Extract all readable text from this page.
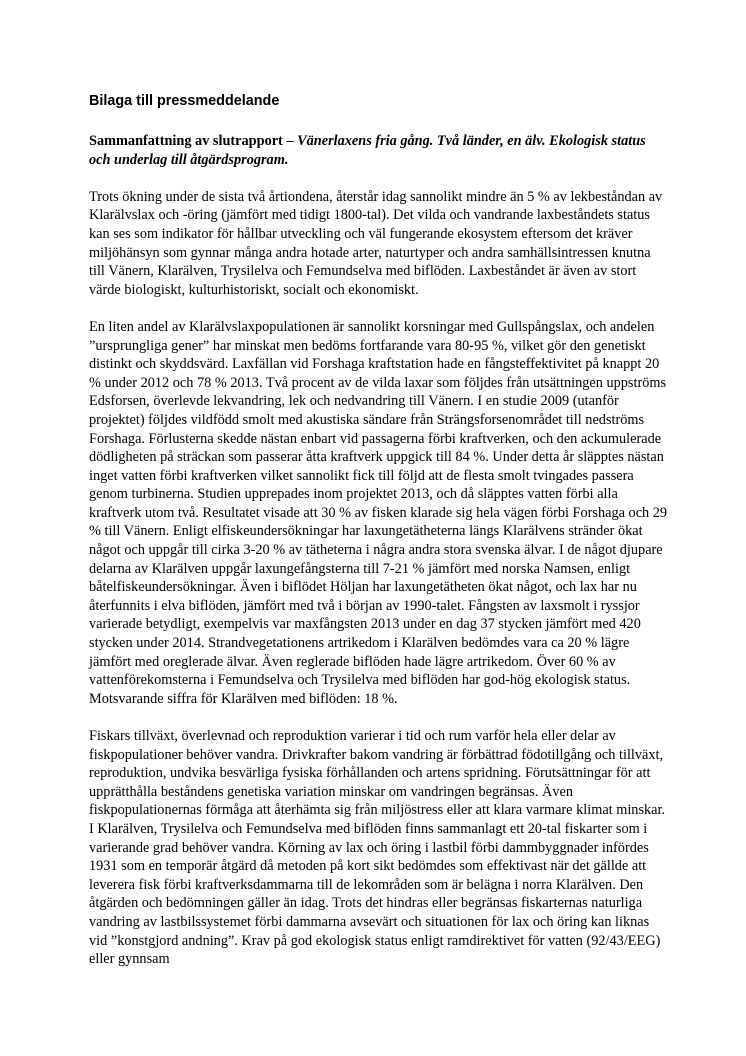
Bilaga till pressmeddelande
Sammanfattning av slutrapport – Vänerlaxens fria gång. Två länder, en älv. Ekologisk status och underlag till åtgärdsprogram.

Trots ökning under de sista två årtiondena, återstår idag sannolikt mindre än 5 % av lekbeståndan av Klarälvslax och -öring (jämfört med tidigt 1800-tal). Det vilda och vandrande laxbeståndets status kan ses som indikator för hållbar utveckling och väl fungerande ekosystem eftersom det kräver miljöhänsyn som gynnar många andra hotade arter, naturtyper och andra samhällsintressen knutna till Vänern, Klarälven, Trysilelva och Femundselva med biflöden. Laxbeståndet är även av stort värde biologiskt, kulturhistoriskt, socialt och ekonomiskt.

En liten andel av Klarälvslaxpopulationen är sannolikt korsningar med Gullspångslax, och andelen ”ursprungliga gener” har minskat men bedöms fortfarande vara 80-95 %, vilket gör den genetiskt distinkt och skyddsvärd. Laxfällan vid Forshaga kraftstation hade en fångsteffektivitet på knappt 20 % under 2012 och 78 % 2013. Två procent av de vilda laxar som följdes från utsättningen uppströms Edsforsen, överlevde lekvandring, lek och nedvandring till Vänern. I en studie 2009 (utanför projektet) följdes vildfödd smolt med akustiska sändare från Strängsforsenområdet till nedströms Forshaga. Förlusterna skedde nästan enbart vid passagerna förbi kraftverken, och den ackumulerade dödligheten på sträckan som passerar åtta kraftverk uppgick till 84 %. Under detta år släpptes nästan inget vatten förbi kraftverken vilket sannolikt fick till följd att de flesta smolt tvingades passera genom turbinerna. Studien upprepades inom projektet 2013, och då släpptes vatten förbi alla kraftverk utom två. Resultatet visade att 30 % av fisken klarade sig hela vägen förbi Forshaga och 29 % till Vänern. Enligt elfiskeundersökningar har laxungetätheterna längs Klarälvens stränder ökat något och uppgår till cirka 3-20 % av tätheterna i några andra stora svenska älvar. I de något djupare delarna av Klarälven uppgår laxungefångsterna till 7-21 % jämfört med norska Namsen, enligt båtelfiskeundersökningar. Även i biflödet Höljan har laxungetätheten ökat något, och lax har nu återfunnits i elva biflöden, jämfört med två i början av 1990-talet. Fångsten av laxsmolt i ryssjor varierade betydligt, exempelvis var maxfångsten 2013 under en dag 37 stycken jämfört med 420 stycken under 2014. Strandvegetationens artrikedom i Klarälven bedömdes vara ca 20 % lägre jämfört med oreglerade älvar. Även reglerade biflöden hade lägre artrikedom. Över 60 % av vattenförekomsterna i Femundselva och Trysilelva med biflöden har god-hög ekologisk status. Motsvarande siffra för Klarälven med biflöden: 18 %.

Fiskars tillväxt, överlevnad och reproduktion varierar i tid och rum varför hela eller delar av fiskpopulationer behöver vandra. Drivkrafter bakom vandring är förbättrad födotillgång och tillväxt, reproduktion, undvika besvärliga fysiska förhållanden och artens spridning. Förutsättningar för att upprätthålla beståndens genetiska variation minskar om vandringen begränsas. Även fiskpopulationernas förmåga att återhämta sig från miljöstress eller att klara varmare klimat minskar. I Klarälven, Trysilelva och Femundselva med biflöden finns sammanlagt ett 20-tal fiskarter som i varierande grad behöver vandra. Körning av lax och öring i lastbil förbi dammbyggnader infördes 1931 som en temporär åtgärd då metoden på kort sikt bedömdes som effektivast när det gällde att leverera fisk förbi kraftverksdammarna till de lekområden som är belägna i norra Klarälven. Den åtgärden och bedömningen gäller än idag. Trots det hindras eller begränsas fiskarternas naturliga vandring av lastbilssystemet förbi dammarna avsevärt och situationen för lax och öring kan liknas vid ”konstgjord andning”. Krav på god ekologisk status enligt ramdirektivet för vatten (92/43/EEG) eller gynnsam
